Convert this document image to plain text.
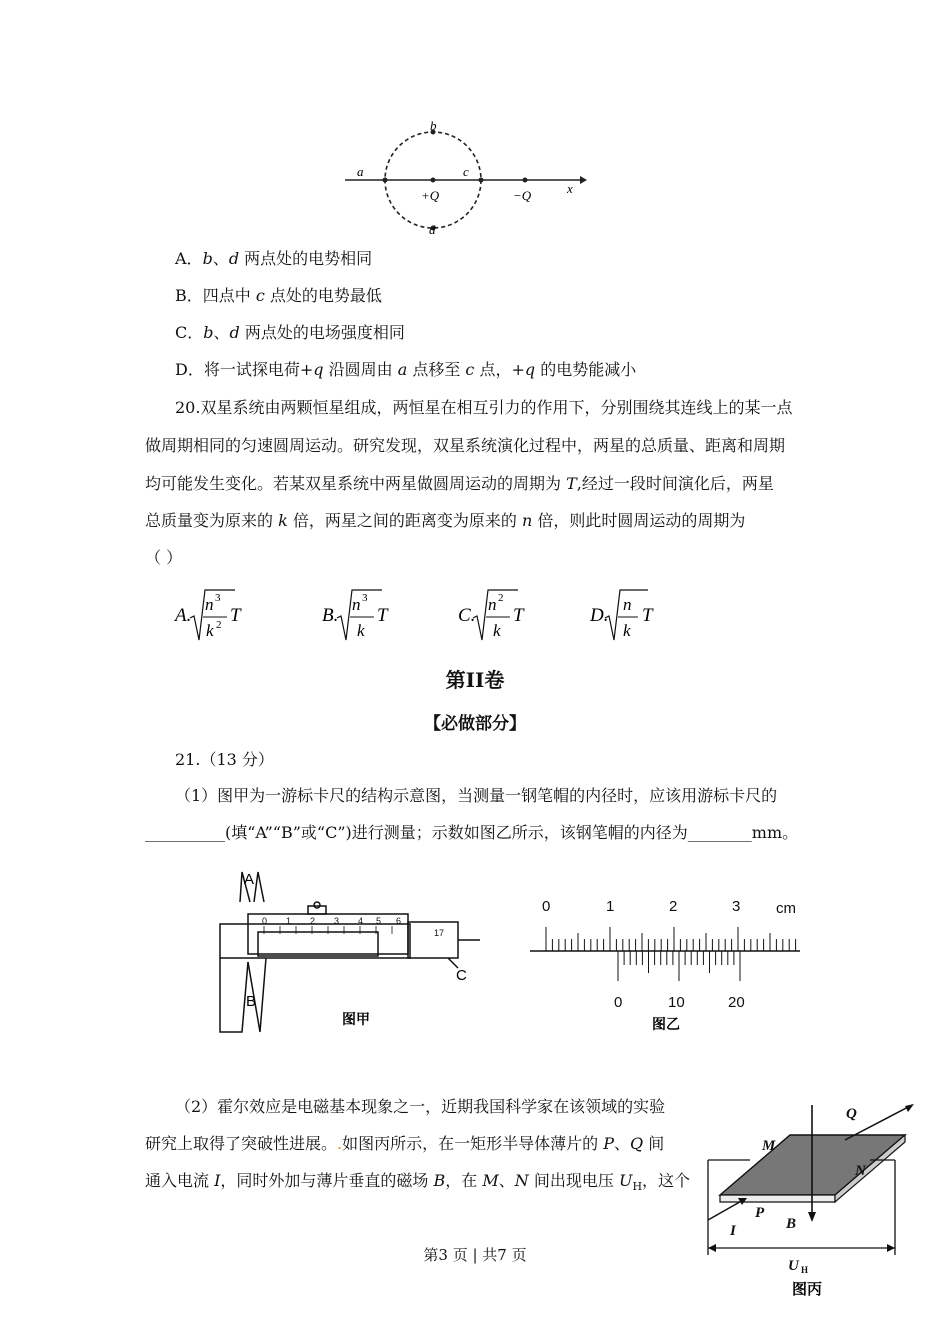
a
b
c
d
+Q	−Q	x
A．b、d 两点处的电势相同
B．四点中 c 点处的电势最低
C．b、d 两点处的电场强度相同
D．将一试探电荷+q 沿圆周由 a 点移至 c 点，+q 的电势能减小
20.双星系统由两颗恒星组成，两恒星在相互引力的作用下，分别围绕其连线上的某一点
做周期相同的匀速圆周运动。研究发现，双星系统演化过程中，两星的总质量、距离和周期
均可能发生变化。若某双星系统中两星做圆周运动的周期为 T,经过一段时间演化后，两星
总质量变为原来的 k 倍，两星之间的距离变为原来的 n 倍，则此时圆周运动的周期为
（ ）
A.
n 3
k 2 T	B.
n 3
k
T	C.
n 2
k
T	D.
n
k
T
第II卷
【必做部分】
21.（13 分）
（1）图甲为一游标卡尺的结构示意图，当测量一钢笔帽的内径时，应该用游标卡尺的
__________(填“A”“B”或“C”)进行测量；示数如图乙所示，该钢笔帽的内径为________mm。
0 1 2 3 4 5 6
17
A
B
C
图甲
0	1	2	3 cm
0	10	20
图乙
（2）霍尔效应是电磁基本现象之一，近期我国科学家在该领域的实验
研究上取得了突破性进展。.如图丙所示，在一矩形半导体薄片的 P、Q 间
通入电流 I，同时外加与薄片垂直的磁场 B，在 M、N 间出现电压 $U_H$，这个
Q
M
N
P
I	B
U H
图丙
第3 页 | 共7 页
